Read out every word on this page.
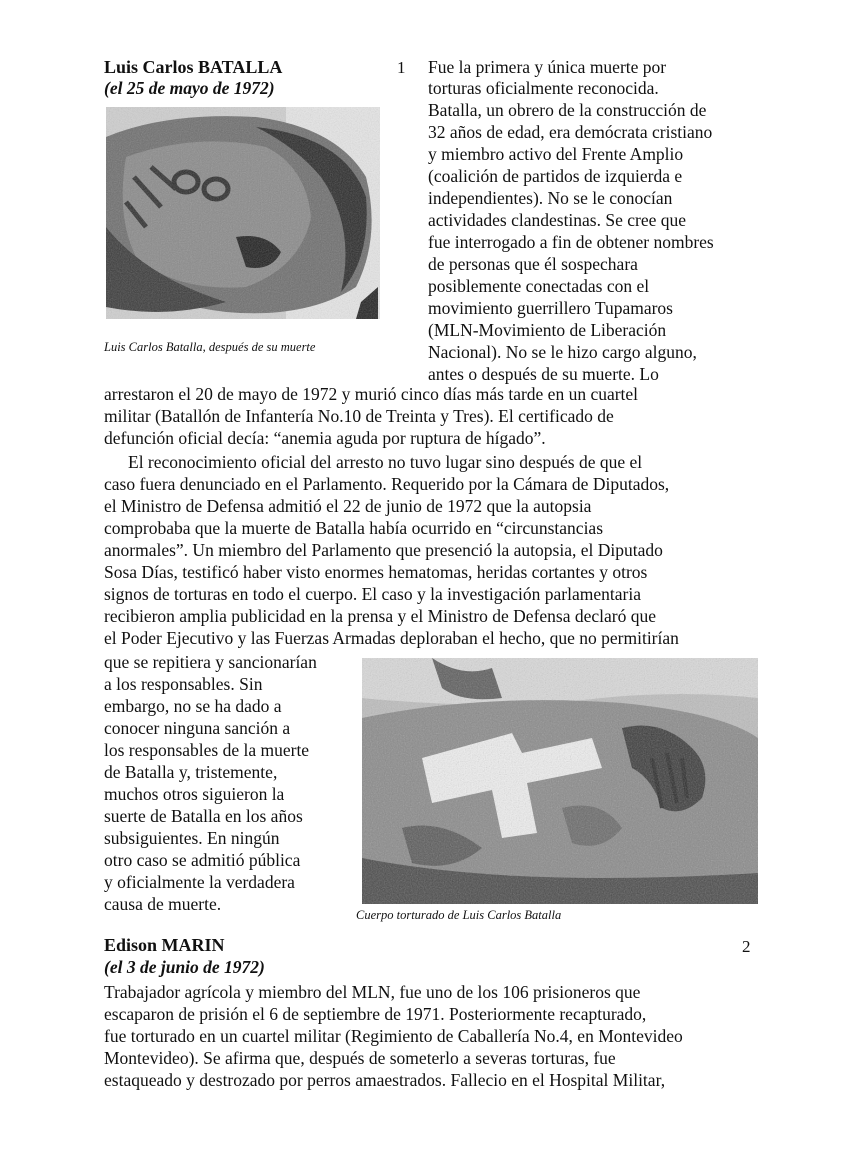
Luis Carlos BATALLA
(el 25 de mayo de 1972)
1
Luis Carlos Batalla, después de su muerte
Fue la primera y única muerte por
torturas oficialmente reconocida.
Batalla, un obrero de la construcción de
32 años de edad, era demócrata cristiano
y miembro activo del Frente Amplio
(coalición de partidos de izquierda e
independientes). No se le conocían
actividades clandestinas. Se cree que
fue interrogado a fin de obtener nombres
de personas que él sospechara
posiblemente conectadas con el
movimiento guerrillero Tupamaros
(MLN-Movimiento de Liberación
Nacional). No se le hizo cargo alguno,
antes o después de su muerte. Lo
arrestaron el 20 de mayo de 1972 y murió cinco días más tarde en un cuartel
militar (Batallón de Infantería No.10 de Treinta y Tres). El certificado de
defunción oficial decía: “anemia aguda por ruptura de hígado”.
El reconocimiento oficial del arresto no tuvo lugar sino después de que el
caso fuera denunciado en el Parlamento. Requerido por la Cámara de Diputados,
el Ministro de Defensa admitió el 22 de junio de 1972 que la autopsia
comprobaba que la muerte de Batalla había ocurrido en “circunstancias
anormales”. Un miembro del Parlamento que presenció la autopsia, el Diputado
Sosa Días, testificó haber visto enormes hematomas, heridas cortantes y otros
signos de torturas en todo el cuerpo. El caso y la investigación parlamentaria
recibieron amplia publicidad en la prensa y el Ministro de Defensa declaró que
el Poder Ejecutivo y las Fuerzas Armadas deploraban el hecho, que no permitirían
que se repitiera y sancionarían
a los responsables. Sin
embargo, no se ha dado a
conocer ninguna sanción a
los responsables de la muerte
de Batalla y, tristemente,
muchos otros siguieron la
suerte de Batalla en los años
subsiguientes. En ningún
otro caso se admitió pública
y oficialmente la verdadera
causa de muerte.
Cuerpo torturado de Luis Carlos Batalla
Edison MARIN
(el 3 de junio de 1972)
2
Trabajador agrícola y miembro del MLN, fue uno de los 106 prisioneros que
escaparon de prisión el 6 de septiembre de 1971. Posteriormente recapturado,
fue torturado en un cuartel militar (Regimiento de Caballería No.4, en Montevideo
Montevideo). Se afirma que, después de someterlo a severas torturas, fue
estaqueado y destrozado por perros amaestrados. Fallecio en el Hospital Militar,
